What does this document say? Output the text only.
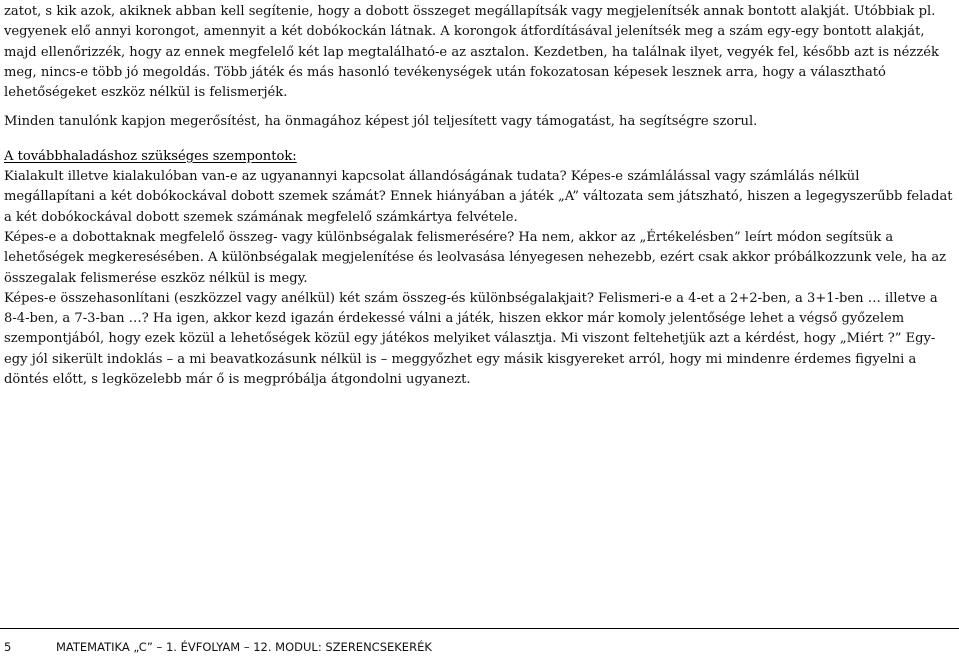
zatot, s kik azok, akiknek abban kell segítenie, hogy a dobott összeget megállapítsák vagy megjelenítsék annak bontott alakját. Utóbbiak pl. vegyenek elő annyi korongot, amennyit a két dobókockán látnak. A korongok átfordításával jelenítsék meg a szám egy-egy bontott alakját, majd ellenőrizzék, hogy az ennek megfelelő két lap megtalálható-e az asztalon. Kezdetben, ha találnak ilyet, vegyék fel, később azt is nézzék meg, nincs-e több jó megoldás. Több játék és más hasonló tevékenységek után fokozatosan képesek lesznek arra, hogy a választható lehetőségeket eszköz nélkül is felismerjék.

Minden tanulónk kapjon megerősítést, ha önmagához képest jól teljesített vagy támogatást, ha segítségre szorul.

A továbbhaladáshoz szükséges szempontok:

Kialakult illetve kialakulóban van-e az ugyanannyi kapcsolat állandóságának tudata? Képes-e számlálással vagy számlálás nélkül megállapítani a két dobókockával dobott szemek számát? Ennek hiányában a játék „A” változata sem játszható, hiszen a legegyszerűbb feladat a két dobókockával dobott szemek számának megfelelő számkártya felvétele.

Képes-e a dobottaknak megfelelő összeg- vagy különbségalak felismerésére? Ha nem, akkor az „Értékelésben” leírt módon segítsük a lehetőségek megkeresésében. A különbségalak megjelenítése és leolvasása lényegesen nehezebb, ezért csak akkor próbálkozzunk vele, ha az összegalak felismerése eszköz nélkül is megy.

Képes-e összehasonlítani (eszközzel vagy anélkül) két szám összeg-és különbségalakjait? Felismeri-e a 4-et a 2+2-ben, a 3+1-ben … illetve a 8-4-ben, a 7-3-ban …? Ha igen, akkor kezd igazán érdekessé válni a játék, hiszen ekkor már komoly jelentősége lehet a végső győzelem szempontjából, hogy ezek közül a lehetőségek közül egy játékos melyiket választja. Mi viszont feltehetjük azt a kérdést, hogy „Miért ?” Egy-egy jól sikerült indoklás – a mi beavatkozásunk nélkül is – meggyőzhet egy másik kisgyereket arról, hogy mi mindenre érdemes figyelni a döntés előtt, s legközelebb már ő is megpróbálja átgondolni ugyanezt.

5	MATEMATIKA „C” – 1. ÉVFOLYAM – 12. MODUL: SZERENCSEKERÉK
